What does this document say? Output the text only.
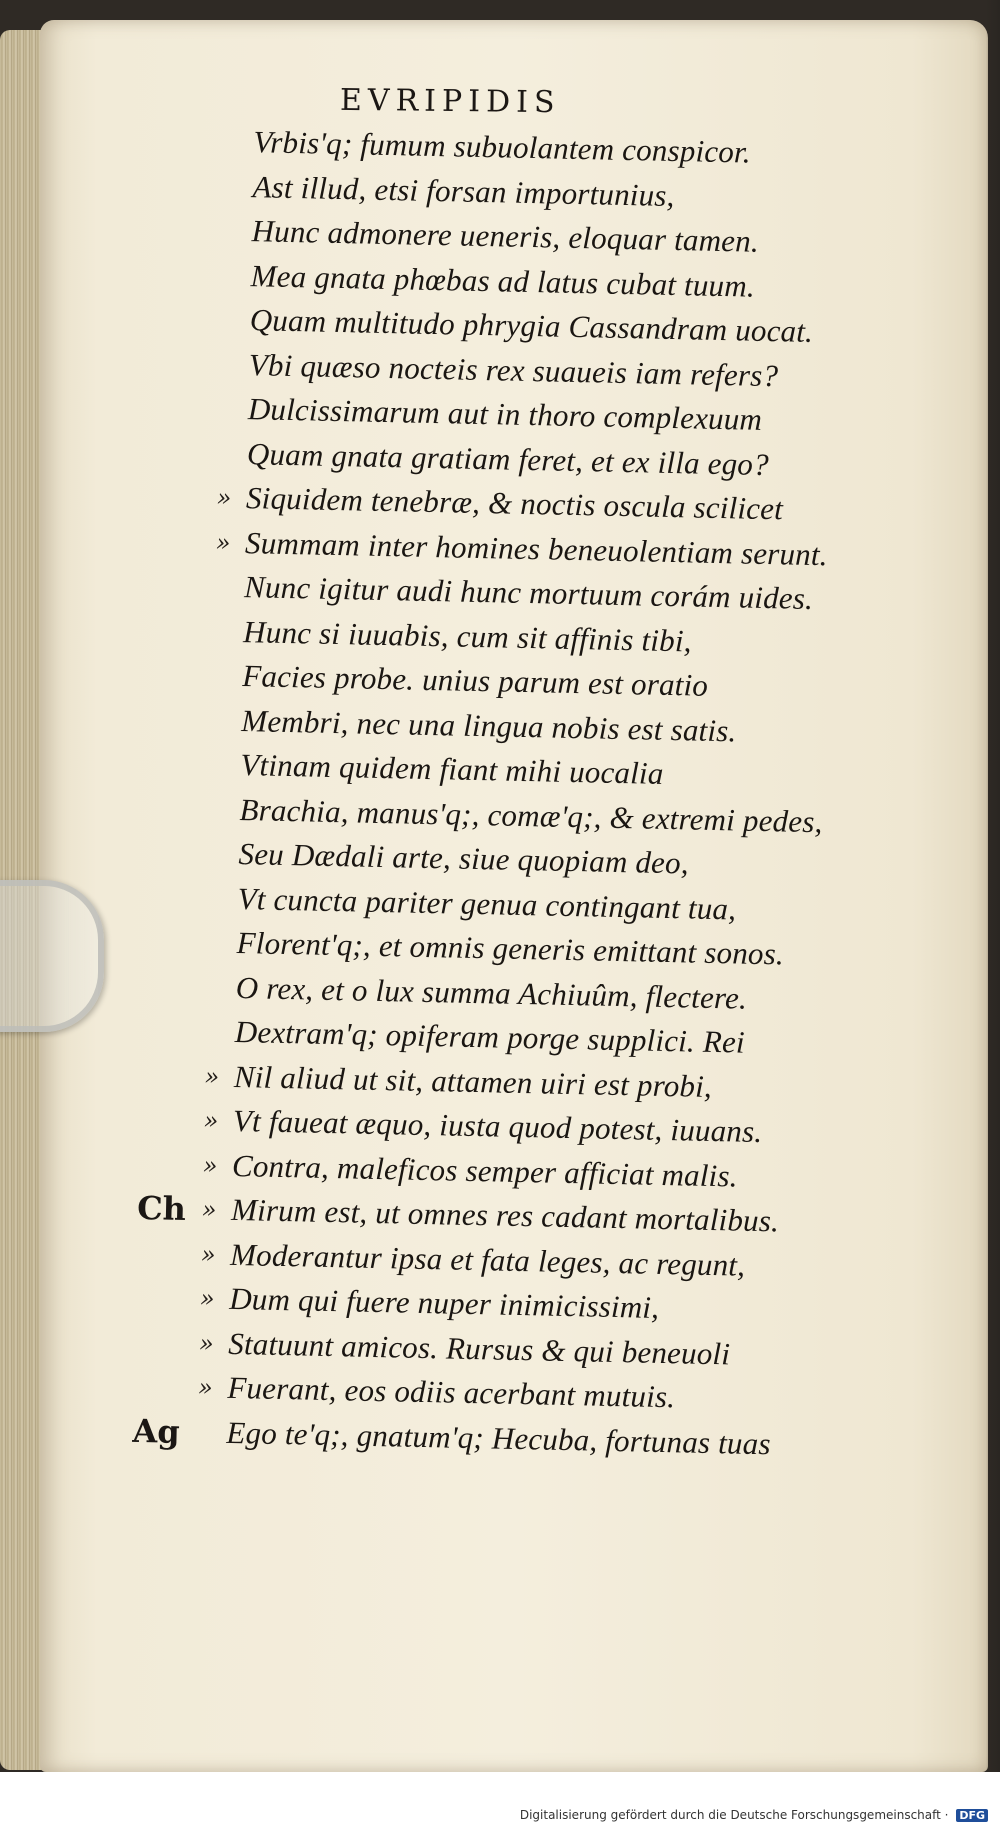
EVRIPIDIS
Vrbis'q; fumum subuolantem conspicor.
Ast illud, etsi forsan importunius,
Hunc admonere ueneris, eloquar tamen.
Mea gnata phœbas ad latus cubat tuum.
Quam multitudo phrygia Cassandram uocat.
Vbi quæso nocteis rex suaueis iam refers?
Dulcissimarum aut in thoro complexuum
Quam gnata gratiam feret, et ex illa ego?
» Siquidem tenebræ, & noctis oscula scilicet
» Summam inter homines beneuolentiam serunt.
Nunc igitur audi hunc mortuum corám uides.
Hunc si iuuabis, cum sit affinis tibi,
Facies probe. unius parum est oratio
Membri, nec una lingua nobis est satis.
Vtinam quidem fiant mihi uocalia
Brachia, manus'q;, comæ'q;, & extremi pedes,
Seu Dædali arte, siue quopiam deo,
Vt cuncta pariter genua contingant tua,
Florent'q;, et omnis generis emittant sonos.
O rex, et o lux summa Achiuûm, flectere.
Dextram'q; opiferam porge supplici. Rei
» Nil aliud ut sit, attamen uiri est probi,
» Vt faueat æquo, iusta quod potest, iuuans.
» Contra, maleficos semper afficiat malis.
Ch » Mirum est, ut omnes res cadant mortalibus.
» Moderantur ipsa et fata leges, ac regunt,
» Dum qui fuere nuper inimicissimi,
» Statuunt amicos. Rursus & qui beneuoli
» Fuerant, eos odiis acerbant mutuis.
Ag Ego te'q;, gnatum'q; Hecuba, fortunas tuas
Digitalisierung gefördert durch die Deutsche Forschungsgemeinschaft · DFG
